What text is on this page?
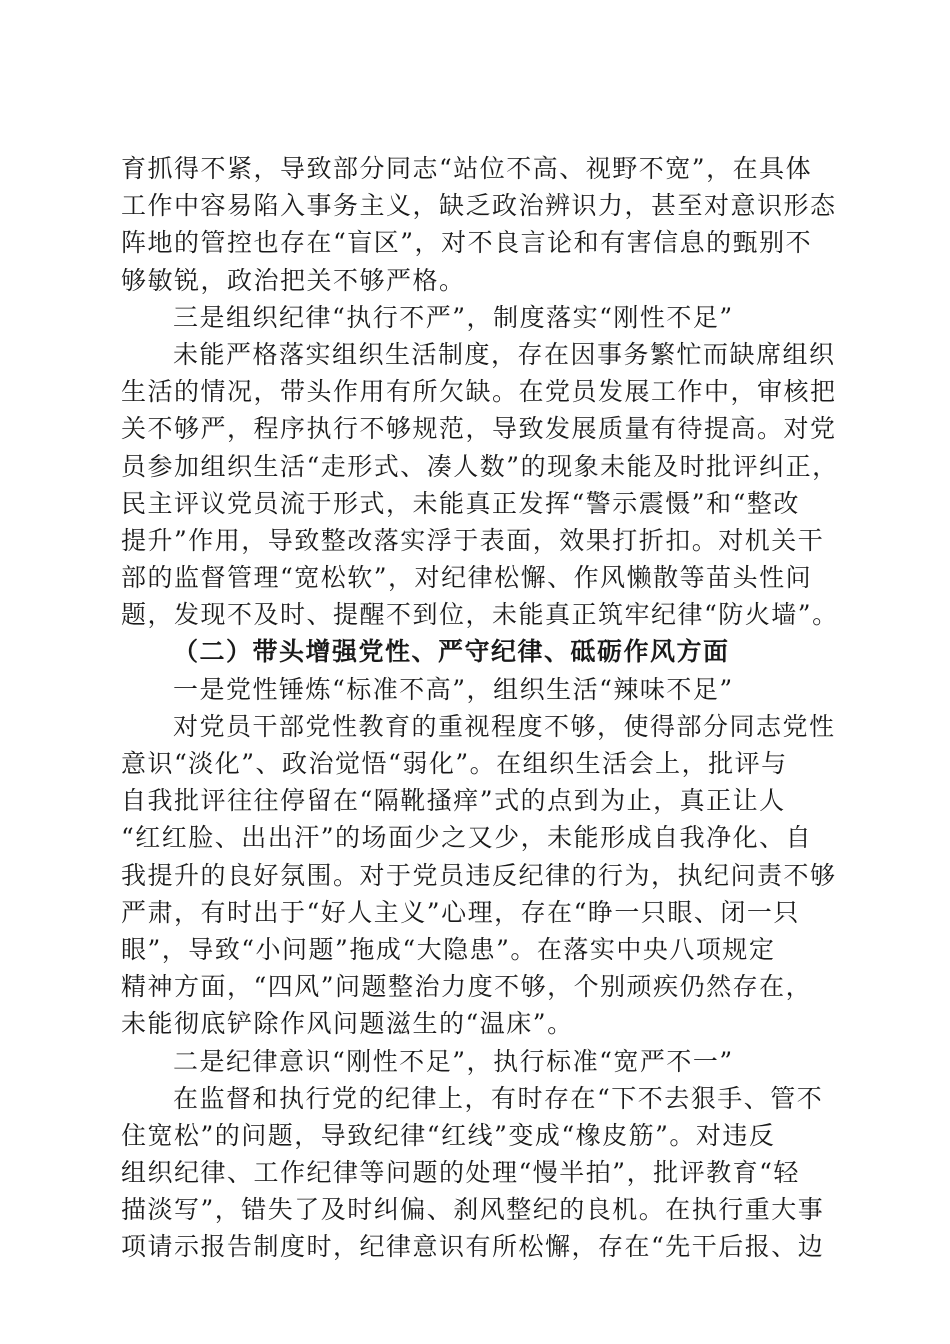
育抓得不紧，导致部分同志“站位不高、视野不宽”，在具体
工作中容易陷入事务主义，缺乏政治辨识力，甚至对意识形态
阵地的管控也存在“盲区”，对不良言论和有害信息的甄别不
够敏锐，政治把关不够严格。
三是组织纪律“执行不严”，制度落实“刚性不足”
未能严格落实组织生活制度，存在因事务繁忙而缺席组织
生活的情况，带头作用有所欠缺。在党员发展工作中，审核把
关不够严，程序执行不够规范，导致发展质量有待提高。对党
员参加组织生活“走形式、凑人数”的现象未能及时批评纠正，
民主评议党员流于形式，未能真正发挥“警示震慑”和“整改
提升”作用，导致整改落实浮于表面，效果打折扣。对机关干
部的监督管理“宽松软”，对纪律松懈、作风懒散等苗头性问
题，发现不及时、提醒不到位，未能真正筑牢纪律“防火墙”。
（二）带头增强党性、严守纪律、砥砺作风方面
一是党性锤炼“标准不高”，组织生活“辣味不足”
对党员干部党性教育的重视程度不够，使得部分同志党性
意识“淡化”、政治觉悟“弱化”。在组织生活会上，批评与
自我批评往往停留在“隔靴搔痒”式的点到为止，真正让人
“红红脸、出出汗”的场面少之又少，未能形成自我净化、自
我提升的良好氛围。对于党员违反纪律的行为，执纪问责不够
严肃，有时出于“好人主义”心理，存在“睁一只眼、闭一只
眼”，导致“小问题”拖成“大隐患”。在落实中央八项规定
精神方面，“四风”问题整治力度不够，个别顽疾仍然存在，
未能彻底铲除作风问题滋生的“温床”。
二是纪律意识“刚性不足”，执行标准“宽严不一”
在监督和执行党的纪律上，有时存在“下不去狠手、管不
住宽松”的问题，导致纪律“红线”变成“橡皮筋”。对违反
组织纪律、工作纪律等问题的处理“慢半拍”，批评教育“轻
描淡写”，错失了及时纠偏、刹风整纪的良机。在执行重大事
项请示报告制度时，纪律意识有所松懈，存在“先干后报、边
